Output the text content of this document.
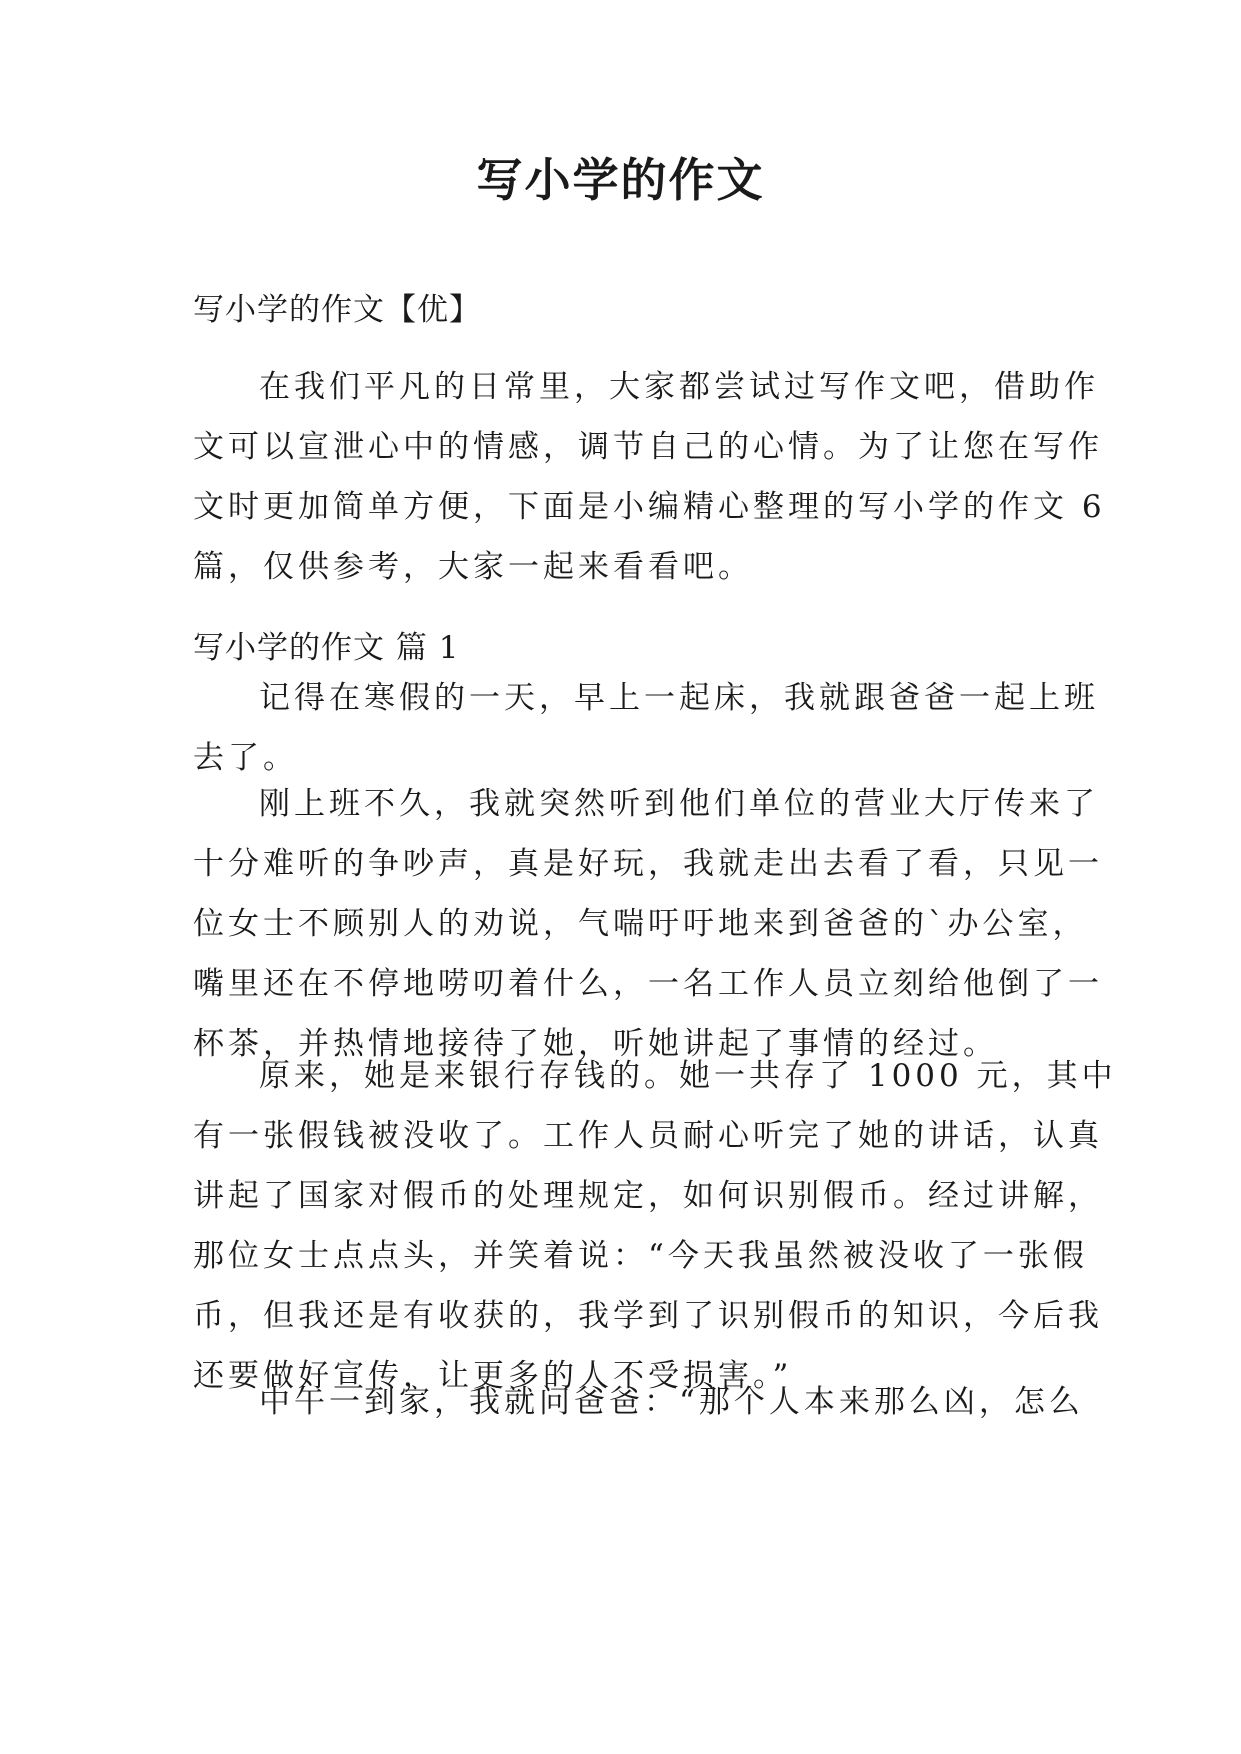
写小学的作文

写小学的作文【优】

在我们平凡的日常里，大家都尝试过写作文吧，借助作
文可以宣泄心中的情感，调节自己的心情。为了让您在写作
文时更加简单方便，下面是小编精心整理的写小学的作文 6
篇，仅供参考，大家一起来看看吧。

写小学的作文 篇 1

记得在寒假的一天，早上一起床，我就跟爸爸一起上班
去了。
刚上班不久，我就突然听到他们单位的营业大厅传来了
十分难听的争吵声，真是好玩，我就走出去看了看，只见一
位女士不顾别人的劝说，气喘吁吁地来到爸爸的`办公室，
嘴里还在不停地唠叨着什么，一名工作人员立刻给他倒了一
杯茶，并热情地接待了她，听她讲起了事情的经过。
原来，她是来银行存钱的。她一共存了 1000 元，其中
有一张假钱被没收了。工作人员耐心听完了她的讲话，认真
讲起了国家对假币的处理规定，如何识别假币。经过讲解，
那位女士点点头，并笑着说：“今天我虽然被没收了一张假
币，但我还是有收获的，我学到了识别假币的知识，今后我
还要做好宣传，让更多的人不受损害。”
中午一到家，我就问爸爸：“那个人本来那么凶，怎么
